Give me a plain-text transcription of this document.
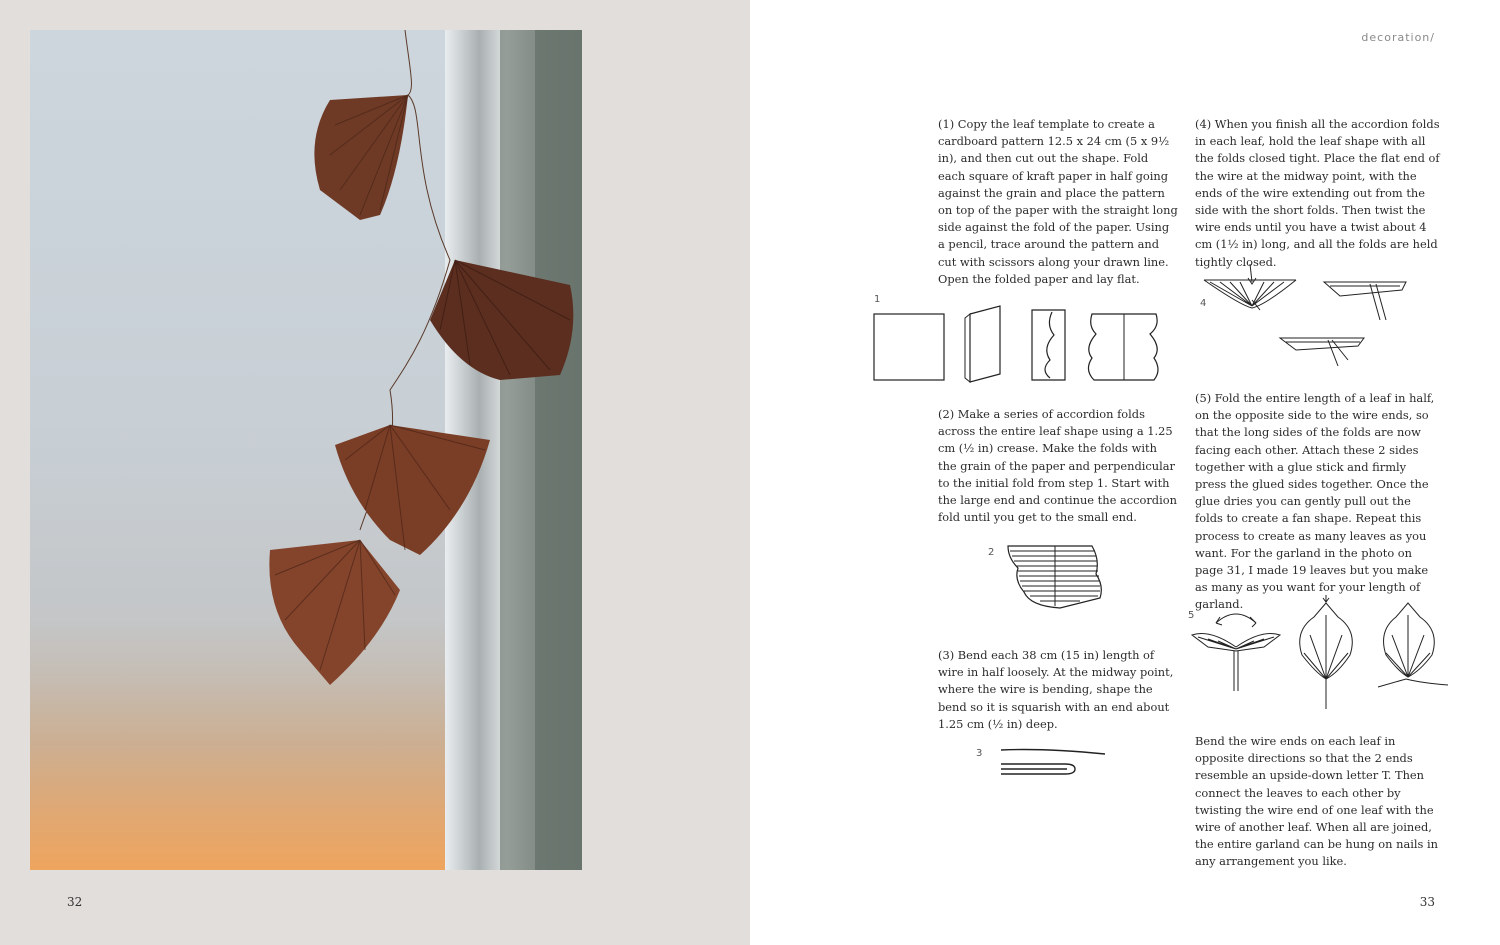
32
decoration/

(1) Copy the leaf template to create a cardboard pattern 12.5 x 24 cm (5 x 9½ in), and then cut out the shape. Fold each square of kraft paper in half going against the grain and place the pattern on top of the paper with the straight long side against the fold of the paper. Using a pencil, trace around the pattern and cut with scissors along your drawn line. Open the folded paper and lay flat.

(2) Make a series of accordion folds across the entire leaf shape using a 1.25 cm (½ in) crease. Make the folds with the grain of the paper and perpendicular to the initial fold from step 1. Start with the large end and continue the accordion fold until you get to the small end.

(3) Bend each 38 cm (15 in) length of wire in half loosely. At the midway point, where the wire is bending, shape the bend so it is squarish with an end about 1.25 cm (½ in) deep.

(4) When you finish all the accordion folds in each leaf, hold the leaf shape with all the folds closed tight. Place the flat end of the wire at the midway point, with the ends of the wire extending out from the side with the short folds. Then twist the wire ends until you have a twist about 4 cm (1½ in) long, and all the folds are held tightly closed.

(5) Fold the entire length of a leaf in half, on the opposite side to the wire ends, so that the long sides of the folds are now facing each other. Attach these 2 sides together with a glue stick and firmly press the glued sides together. Once the glue dries you can gently pull out the folds to create a fan shape. Repeat this process to create as many leaves as you want. For the garland in the photo on page 31, I made 19 leaves but you make as many as you want for your length of garland.

Bend the wire ends on each leaf in opposite directions so that the 2 ends resemble an upside-down letter T. Then connect the leaves to each other by twisting the wire end of one leaf with the wire of another leaf. When all are joined, the entire garland can be hung on nails in any arrangement you like.

1
2
3
4
5
33
